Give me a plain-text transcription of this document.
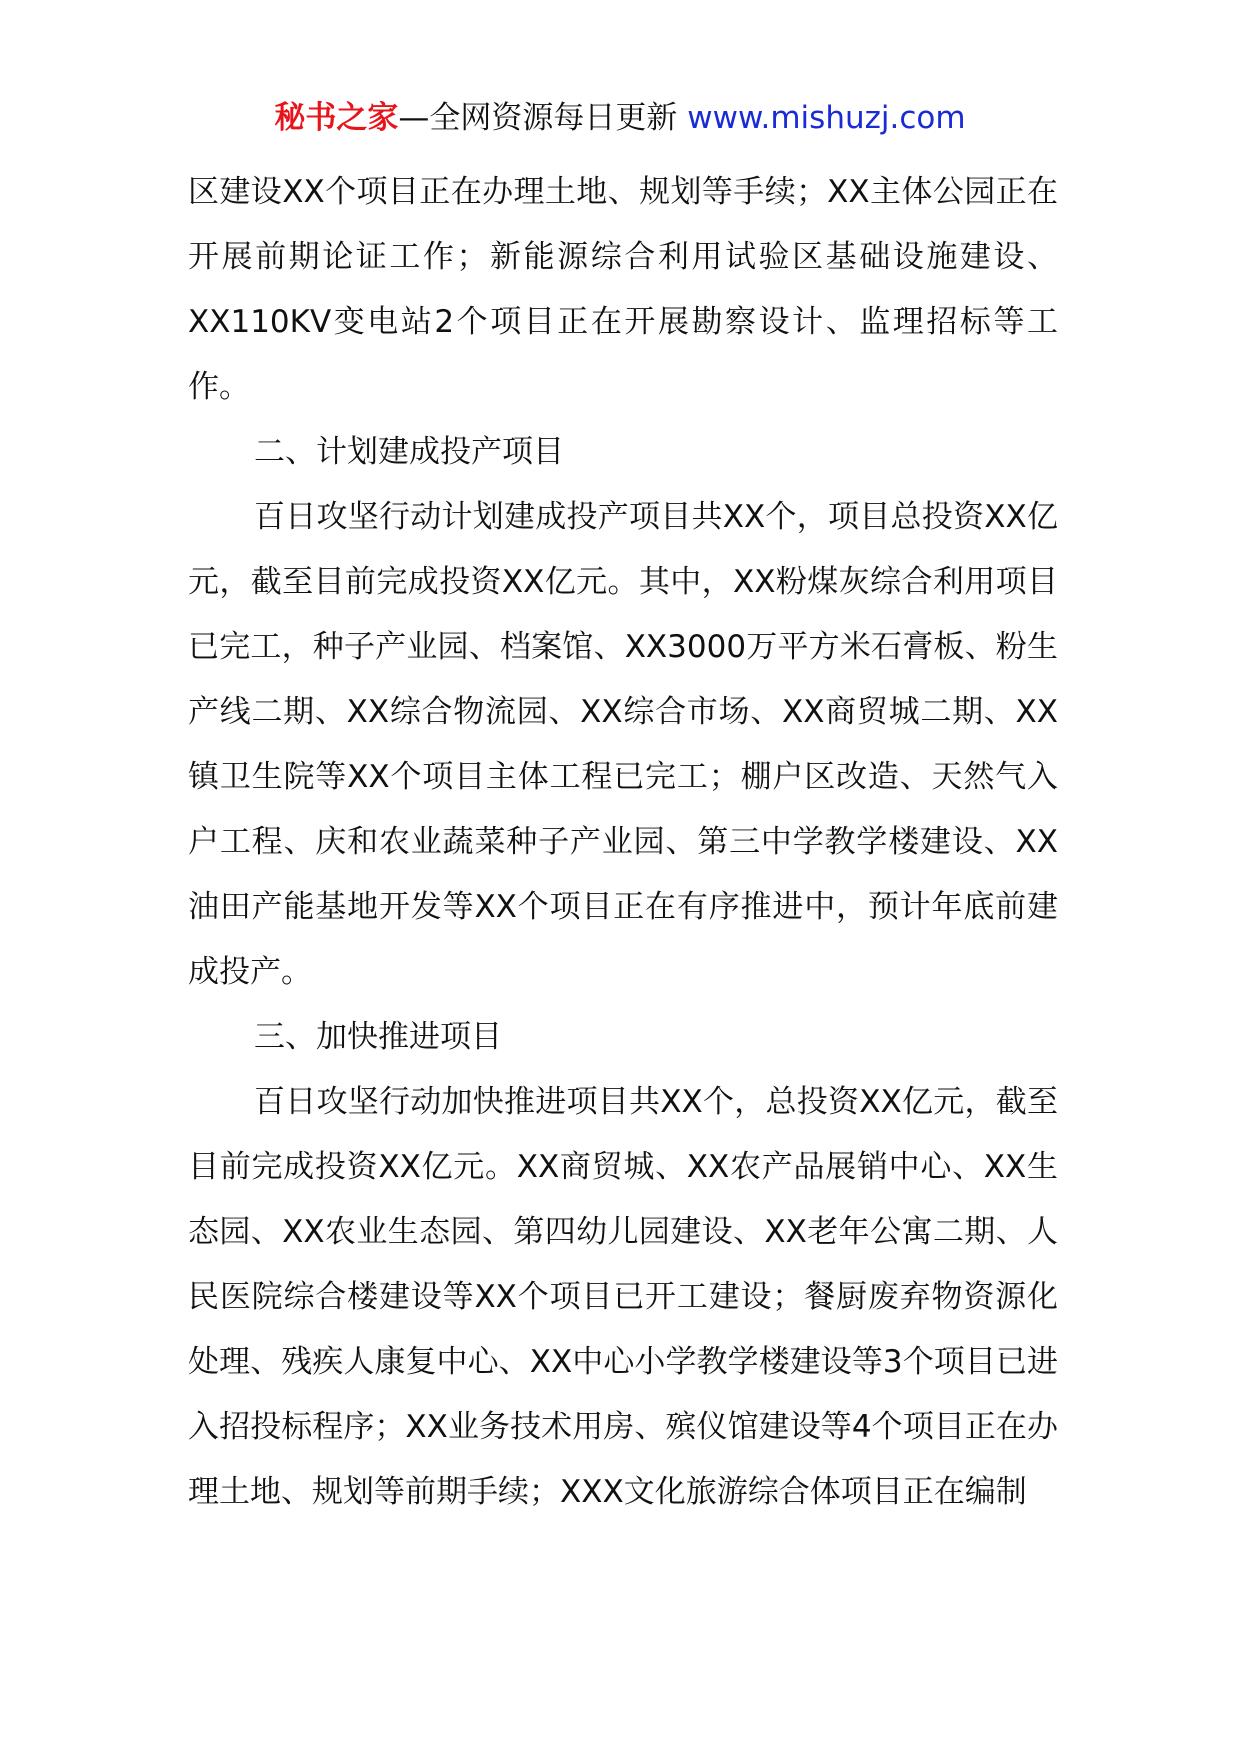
秘书之家—全网资源每日更新 www.mishuzj.com

区建设XX个项目正在办理土地、规划等手续；XX主体公园正在开展前期论证工作；新能源综合利用试验区基础设施建设、XX110KV变电站2个项目正在开展勘察设计、监理招标等工作。

二、计划建成投产项目

百日攻坚行动计划建成投产项目共XX个，项目总投资XX亿元，截至目前完成投资XX亿元。其中，XX粉煤灰综合利用项目已完工，种子产业园、档案馆、XX3000万平方米石膏板、粉生产线二期、XX综合物流园、XX综合市场、XX商贸城二期、XX镇卫生院等XX个项目主体工程已完工；棚户区改造、天然气入户工程、庆和农业蔬菜种子产业园、第三中学教学楼建设、XX油田产能基地开发等XX个项目正在有序推进中，预计年底前建成投产。

三、加快推进项目

百日攻坚行动加快推进项目共XX个，总投资XX亿元，截至目前完成投资XX亿元。XX商贸城、XX农产品展销中心、XX生态园、XX农业生态园、第四幼儿园建设、XX老年公寓二期、人民医院综合楼建设等XX个项目已开工建设；餐厨废弃物资源化处理、残疾人康复中心、XX中心小学教学楼建设等3个项目已进入招投标程序；XX业务技术用房、殡仪馆建设等4个项目正在办理土地、规划等前期手续；XXX文化旅游综合体项目正在编制
